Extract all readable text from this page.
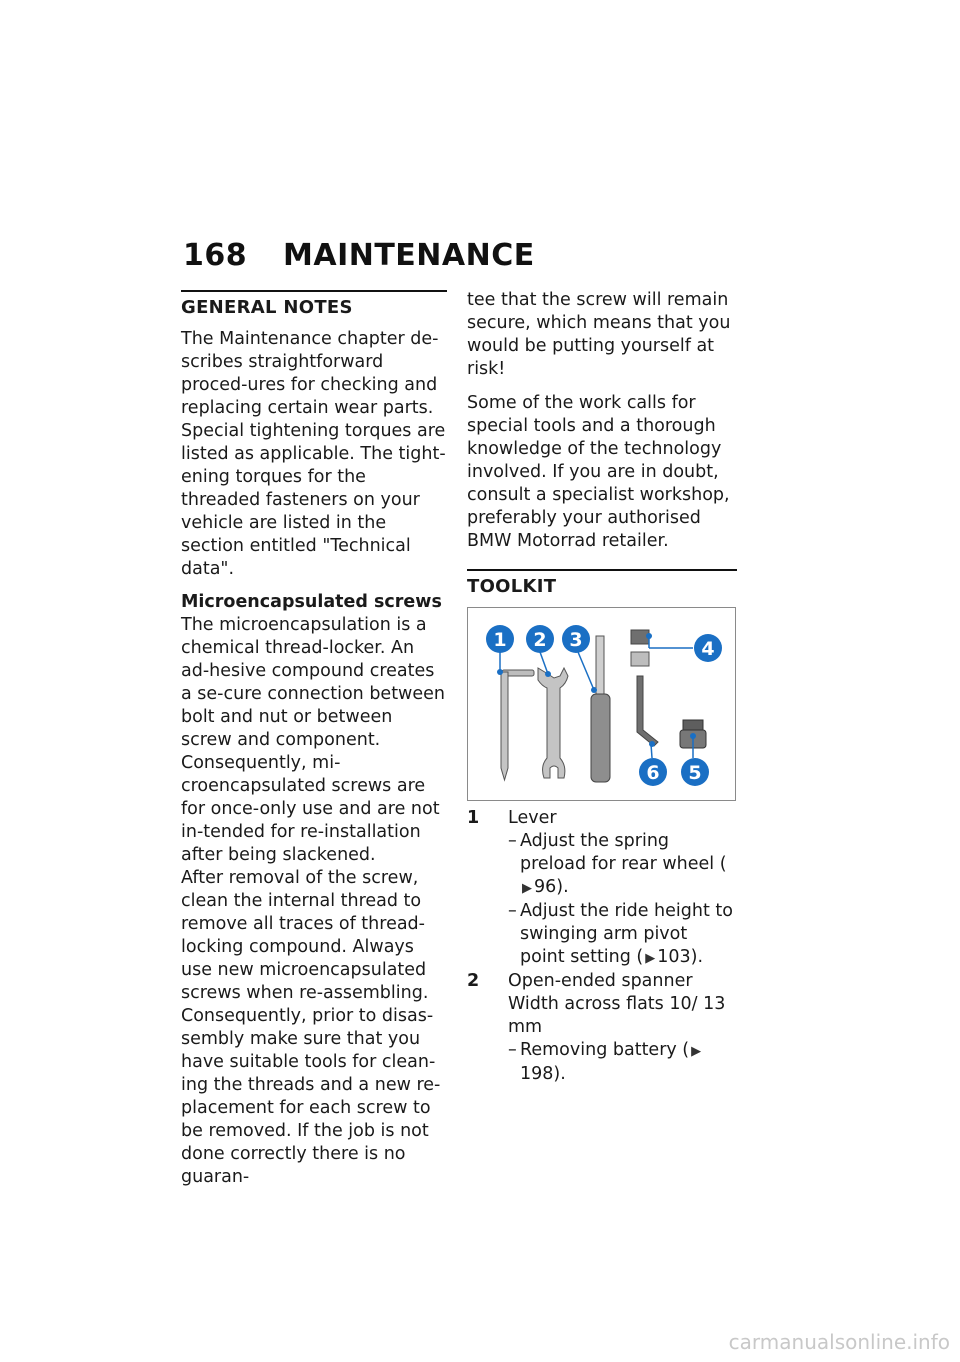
168 MAINTENANCE
GENERAL NOTES

The Maintenance chapter de-scribes straightforward proced-ures for checking and replacing certain wear parts.

Special tightening torques are listed as applicable. The tight-ening torques for the threaded fasteners on your vehicle are listed in the section entitled "Technical data".

Microencapsulated screws

The microencapsulation is a chemical thread-locker. An ad-hesive compound creates a se-cure connection between bolt and nut or between screw and component. Consequently, mi-croencapsulated screws are for once-only use and are not in-tended for re-installation after being slackened.

After removal of the screw, clean the internal thread to remove all traces of thread-locking compound. Always use new microencapsulated screws when re-assembling. Consequently, prior to disas-sembly make sure that you have suitable tools for clean-ing the threads and a new re-placement for each screw to be removed. If the job is not done correctly there is no guaran-

tee that the screw will remain secure, which means that you would be putting yourself at risk!

Some of the work calls for special tools and a thorough knowledge of the technology involved. If you are in doubt, consult a specialist workshop, preferably your authorised BMW Motorrad retailer.

TOOLKIT
1 2 3	4
5
6
1	Lever
– Adjust the spring preload for rear wheel (▶ 96).
– Adjust the ride height to swinging arm pivot point setting ( ▶ 103).
2	Open-ended spanner
Width across flats 10/ 13 mm
– Removing battery ( ▶198).
carmanualsonline.info
